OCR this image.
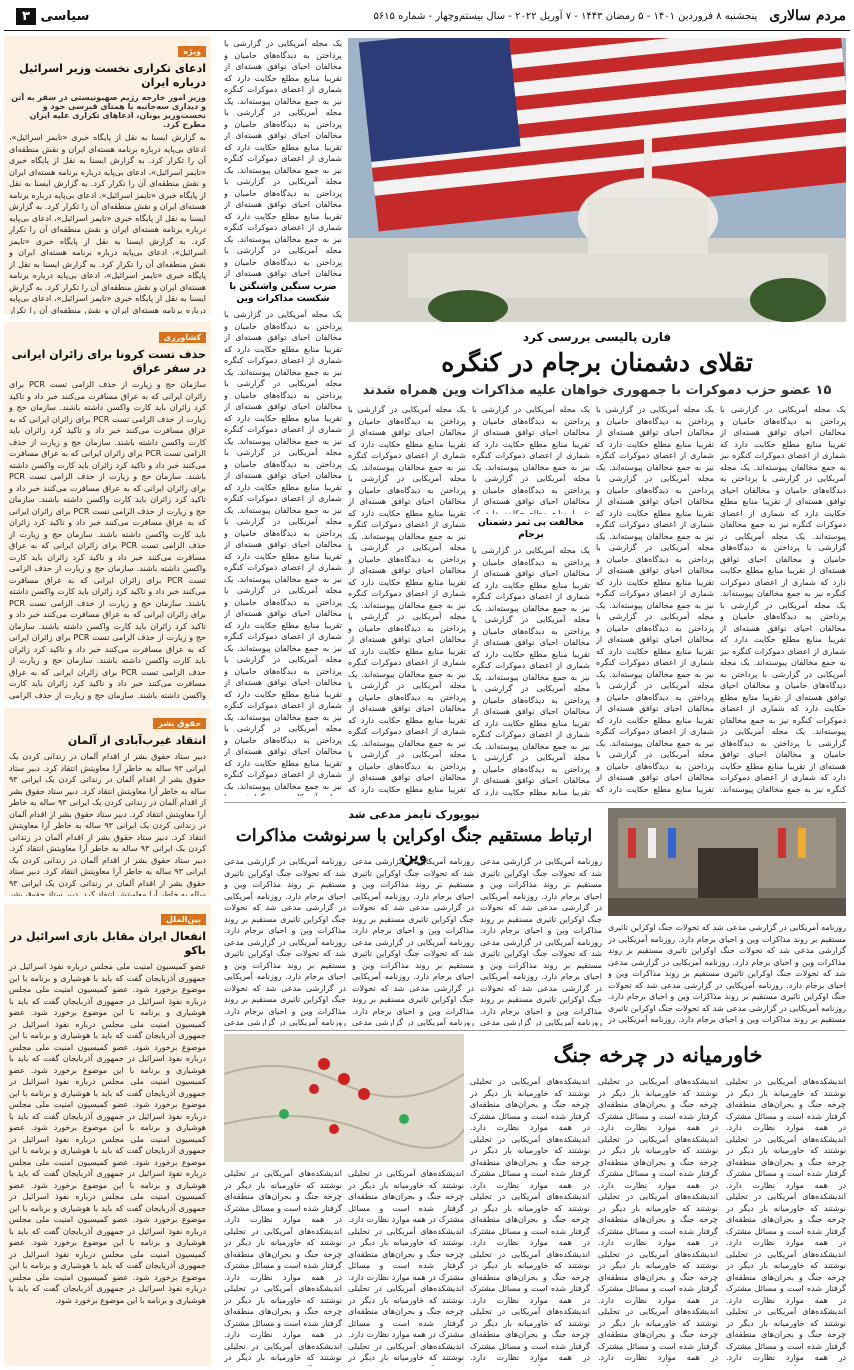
مردم سالاری
پنجشنبه ۸ فروردین ۱۴۰۱ - ۵ رمضان ۱۴۴۳ - ۷ آوریل ۲۰۲۲ - سال بیستم‌وچهار - شماره ۵۶۱۵
سیاسی ۳
ویژه
ادعای تکراری نخست وزیر اسرائیل درباره ایران
وزیر امور خارجه رژیم صهیونیستی در سفر به آتن و دیداری سه‌جانبه با همتای قبرسی خود و نخست‌وزیر یونان، ادعاهای تکراری علیه ایران مطرح کرد.
به گزارش ایسنا به نقل از پایگاه خبری «تایمز اسرائیل»، ادعای بی‌پایه درباره برنامه هسته‌ای ایران و نقش منطقه‌ای آن را تکرار کرد. به گزارش ایسنا به نقل از پایگاه خبری «تایمز اسرائیل»، ادعای بی‌پایه درباره برنامه هسته‌ای ایران و نقش منطقه‌ای آن را تکرار کرد. به گزارش ایسنا به نقل از پایگاه خبری «تایمز اسرائیل»، ادعای بی‌پایه درباره برنامه هسته‌ای ایران و نقش منطقه‌ای آن را تکرار کرد. به گزارش ایسنا به نقل از پایگاه خبری «تایمز اسرائیل»، ادعای بی‌پایه درباره برنامه هسته‌ای ایران و نقش منطقه‌ای آن را تکرار کرد. به گزارش ایسنا به نقل از پایگاه خبری «تایمز اسرائیل»، ادعای بی‌پایه درباره برنامه هسته‌ای ایران و نقش منطقه‌ای آن را تکرار کرد. به گزارش ایسنا به نقل از پایگاه خبری «تایمز اسرائیل»، ادعای بی‌پایه درباره برنامه هسته‌ای ایران و نقش منطقه‌ای آن را تکرار کرد. به گزارش ایسنا به نقل از پایگاه خبری «تایمز اسرائیل»، ادعای بی‌پایه درباره برنامه هسته‌ای ایران و نقش منطقه‌ای آن را تکرار کرد. به گزارش ایسنا به نقل از پایگاه خبری «تایمز اسرائیل»، ادعای بی‌پایه درباره برنامه هسته‌ای ایران و نقش منطقه‌ای آن را تکرار کرد. به گزارش ایسنا به نقل از پایگاه خبری «تایمز اسرائیل»، ادعای بی‌پایه درباره برنامه هسته‌ای ایران و نقش منطقه‌ای آن را تکرار کرد. به گزارش ایسنا به نقل از پایگاه خبری «تایمز اسرائیل»، ادعای بی‌پایه درباره برنامه هسته‌ای ایران و نقش منطقه‌ای آن را تکرار کرد. به گزارش ایسنا به نقل از پایگاه خبری «تایمز اسرائیل»، ادعای بی‌پایه درباره برنامه هسته‌ای ایران و نقش منطقه‌ای آن را تکرار کرد. به گزارش ایسنا به نقل از پایگاه خبری «تایمز اسرائیل»، ادعای بی‌پایه درباره برنامه هسته‌ای ایران و نقش منطقه‌ای آن را تکرار کرد.
کشاورزی
حذف تست کرونا برای زائران ایرانی در سفر عراق
سازمان حج و زیارت از حذف الزامی تست PCR برای زائران ایرانی که به عراق مسافرت می‌کنند خبر داد و تاکید کرد زائران باید کارت واکسن داشته باشند. سازمان حج و زیارت از حذف الزامی تست PCR برای زائران ایرانی که به عراق مسافرت می‌کنند خبر داد و تاکید کرد زائران باید کارت واکسن داشته باشند. سازمان حج و زیارت از حذف الزامی تست PCR برای زائران ایرانی که به عراق مسافرت می‌کنند خبر داد و تاکید کرد زائران باید کارت واکسن داشته باشند. سازمان حج و زیارت از حذف الزامی تست PCR برای زائران ایرانی که به عراق مسافرت می‌کنند خبر داد و تاکید کرد زائران باید کارت واکسن داشته باشند. سازمان حج و زیارت از حذف الزامی تست PCR برای زائران ایرانی که به عراق مسافرت می‌کنند خبر داد و تاکید کرد زائران باید کارت واکسن داشته باشند. سازمان حج و زیارت از حذف الزامی تست PCR برای زائران ایرانی که به عراق مسافرت می‌کنند خبر داد و تاکید کرد زائران باید کارت واکسن داشته باشند. سازمان حج و زیارت از حذف الزامی تست PCR برای زائران ایرانی که به عراق مسافرت می‌کنند خبر داد و تاکید کرد زائران باید کارت واکسن داشته باشند. سازمان حج و زیارت از حذف الزامی تست PCR برای زائران ایرانی که به عراق مسافرت می‌کنند خبر داد و تاکید کرد زائران باید کارت واکسن داشته باشند. سازمان حج و زیارت از حذف الزامی تست PCR برای زائران ایرانی که به عراق مسافرت می‌کنند خبر داد و تاکید کرد زائران باید کارت واکسن داشته باشند. سازمان حج و زیارت از حذف الزامی تست PCR برای زائران ایرانی که به عراق مسافرت می‌کنند خبر داد و تاکید کرد زائران باید کارت واکسن داشته باشند. سازمان حج و زیارت از حذف الزامی تست PCR برای زائران ایرانی که به عراق مسافرت می‌کنند خبر داد و تاکید کرد زائران باید کارت واکسن داشته باشند. سازمان حج و زیارت از حذف الزامی تست PCR برای زائران ایرانی که به عراق مسافرت می‌کنند خبر داد و تاکید کرد زائران باید کارت واکسن داشته باشند.
حقوق بشر
انتقاد غیرب‌آبادی از آلمان
دبیر ستاد حقوق بشر از اقدام آلمان در زندانی کردن یک ایرانی ۹۳ ساله به خاطر آرا معاویتش انتقاد کرد. دبیر ستاد حقوق بشر از اقدام آلمان در زندانی کردن یک ایرانی ۹۳ ساله به خاطر آرا معاویتش انتقاد کرد. دبیر ستاد حقوق بشر از اقدام آلمان در زندانی کردن یک ایرانی ۹۳ ساله به خاطر آرا معاویتش انتقاد کرد. دبیر ستاد حقوق بشر از اقدام آلمان در زندانی کردن یک ایرانی ۹۳ ساله به خاطر آرا معاویتش انتقاد کرد. دبیر ستاد حقوق بشر از اقدام آلمان در زندانی کردن یک ایرانی ۹۳ ساله به خاطر آرا معاویتش انتقاد کرد. دبیر ستاد حقوق بشر از اقدام آلمان در زندانی کردن یک ایرانی ۹۳ ساله به خاطر آرا معاویتش انتقاد کرد. دبیر ستاد حقوق بشر از اقدام آلمان در زندانی کردن یک ایرانی ۹۳ ساله به خاطر آرا معاویتش انتقاد کرد. دبیر ستاد حقوق بشر از اقدام آلمان در زندانی کردن یک ایرانی ۹۳ ساله به خاطر آرا معاویتش انتقاد کرد. دبیر ستاد حقوق بشر از اقدام آلمان در زندانی کردن یک ایرانی ۹۳ ساله به خاطر آرا معاویتش انتقاد کرد. دبیر ستاد حقوق بشر از اقدام آلمان در زندانی کردن یک ایرانی ۹۳ ساله به خاطر آرا معاویتش انتقاد کرد. دبیر ستاد حقوق بشر از اقدام آلمان در زندانی کردن یک ایرانی ۹۳ ساله به خاطر آرا معاویتش انتقاد کرد. دبیر ستاد حقوق بشر از اقدام آلمان در زندانی کردن یک ایرانی ۹۳ ساله به خاطر آرا معاویتش انتقاد کرد.
بین‌الملل
انفعال ایران مقابل بازی اسرائیل در باکو
عضو کمیسیون امنیت ملی مجلس درباره نفوذ اسرائیل در جمهوری آذربایجان گفت که باید با هوشیاری و برنامه با این موضوع برخورد شود. عضو کمیسیون امنیت ملی مجلس درباره نفوذ اسرائیل در جمهوری آذربایجان گفت که باید با هوشیاری و برنامه با این موضوع برخورد شود. عضو کمیسیون امنیت ملی مجلس درباره نفوذ اسرائیل در جمهوری آذربایجان گفت که باید با هوشیاری و برنامه با این موضوع برخورد شود. عضو کمیسیون امنیت ملی مجلس درباره نفوذ اسرائیل در جمهوری آذربایجان گفت که باید با هوشیاری و برنامه با این موضوع برخورد شود. عضو کمیسیون امنیت ملی مجلس درباره نفوذ اسرائیل در جمهوری آذربایجان گفت که باید با هوشیاری و برنامه با این موضوع برخورد شود. عضو کمیسیون امنیت ملی مجلس درباره نفوذ اسرائیل در جمهوری آذربایجان گفت که باید با هوشیاری و برنامه با این موضوع برخورد شود. عضو کمیسیون امنیت ملی مجلس درباره نفوذ اسرائیل در جمهوری آذربایجان گفت که باید با هوشیاری و برنامه با این موضوع برخورد شود. عضو کمیسیون امنیت ملی مجلس درباره نفوذ اسرائیل در جمهوری آذربایجان گفت که باید با هوشیاری و برنامه با این موضوع برخورد شود. عضو کمیسیون امنیت ملی مجلس درباره نفوذ اسرائیل در جمهوری آذربایجان گفت که باید با هوشیاری و برنامه با این موضوع برخورد شود. عضو کمیسیون امنیت ملی مجلس درباره نفوذ اسرائیل در جمهوری آذربایجان گفت که باید با هوشیاری و برنامه با این موضوع برخورد شود. عضو کمیسیون امنیت ملی مجلس درباره نفوذ اسرائیل در جمهوری آذربایجان گفت که باید با هوشیاری و برنامه با این موضوع برخورد شود. عضو کمیسیون امنیت ملی مجلس درباره نفوذ اسرائیل در جمهوری آذربایجان گفت که باید با هوشیاری و برنامه با این موضوع برخورد شود.
فارن پالیسی بررسی کرد
تقلای دشمنان برجام در کنگره
۱۵ عضو حزب دموکرات با جمهوری خواهان علیه مذاکرات وین همراه شدند
یک مجله آمریکایی در گزارشی با پرداختن به دیدگاه‌های حامیان و مخالفان احیای توافق هسته‌ای از تقریبا منابع مطلع حکایت دارد که شماری از اعضای دموکرات کنگره نیز به جمع مخالفان پیوسته‌اند. یک مجله آمریکایی در گزارشی با پرداختن به دیدگاه‌های حامیان و مخالفان احیای توافق هسته‌ای از تقریبا منابع مطلع حکایت دارد که شماری از اعضای دموکرات کنگره نیز به جمع مخالفان پیوسته‌اند. یک مجله آمریکایی در گزارشی با پرداختن به دیدگاه‌های حامیان و مخالفان احیای توافق هسته‌ای از تقریبا منابع مطلع حکایت دارد که شماری از اعضای دموکرات کنگره نیز به جمع مخالفان پیوسته‌اند. یک مجله آمریکایی در گزارشی با پرداختن به دیدگاه‌های حامیان و مخالفان احیای توافق هسته‌ای از تقریبا منابع مطلع حکایت دارد که شماری از اعضای دموکرات کنگره نیز به جمع مخالفان پیوسته‌اند. یک مجله آمریکایی در گزارشی با پرداختن به دیدگاه‌های حامیان و مخالفان احیای توافق هسته‌ای از تقریبا منابع مطلع حکایت دارد که شماری از اعضای دموکرات کنگره نیز به جمع مخالفان پیوسته‌اند. یک مجله آمریکایی در گزارشی با پرداختن به دیدگاه‌های حامیان و مخالفان احیای توافق هسته‌ای از تقریبا منابع مطلع حکایت دارد که شماری از اعضای دموکرات کنگره نیز به جمع مخالفان پیوسته‌اند. یک مجله آمریکایی در گزارشی با پرداختن به دیدگاه‌های حامیان و مخالفان احیای توافق هسته‌ای از تقریبا منابع مطلع حکایت دارد که شماری از اعضای دموکرات کنگره نیز به جمع مخالفان پیوسته‌اند. یک مجله آمریکایی در گزارشی با پرداختن به دیدگاه‌های حامیان و مخالفان احیای توافق هسته‌ای از تقریبا منابع مطلع حکایت دارد که شماری از اعضای دموکرات کنگره نیز به جمع مخالفان پیوسته‌اند. یک مجله آمریکایی در گزارشی با پرداختن به دیدگاه‌های حامیان و مخالفان احیای توافق هسته‌ای از تقریبا منابع مطلع حکایت دارد که شماری از اعضای دموکرات کنگره نیز به جمع مخالفان پیوسته‌اند. یک مجله آمریکایی در گزارشی با پرداختن به دیدگاه‌های حامیان و مخالفان احیای توافق هسته‌ای از تقریبا منابع مطلع حکایت دارد که شماری از اعضای دموکرات کنگره نیز به جمع مخالفان پیوسته‌اند. یک مجله آمریکایی در گزارشی با پرداختن به دیدگاه‌های حامیان و مخالفان احیای توافق هسته‌ای از تقریبا منابع مطلع حکایت دارد که شماری از اعضای دموکرات کنگره نیز به جمع مخالفان پیوسته‌اند. یک مجله آمریکایی در گزارشی با پرداختن به دیدگاه‌های حامیان و مخالفان احیای توافق هسته‌ای از تقریبا منابع مطلع حکایت دارد که شماری از اعضای دموکرات کنگره نیز به جمع مخالفان پیوسته‌اند.
یک مجله آمریکایی در گزارشی با پرداختن به دیدگاه‌های حامیان و مخالفان احیای توافق هسته‌ای از تقریبا منابع مطلع حکایت دارد که شماری از اعضای دموکرات کنگره نیز به جمع مخالفان پیوسته‌اند. یک مجله آمریکایی در گزارشی با پرداختن به دیدگاه‌های حامیان و مخالفان احیای توافق هسته‌ای از تقریبا منابع مطلع حکایت دارد که شماری از اعضای دموکرات کنگره نیز به جمع مخالفان پیوسته‌اند. یک مجله آمریکایی در گزارشی با پرداختن به دیدگاه‌های حامیان و مخالفان احیای توافق هسته‌ای از تقریبا منابع مطلع حکایت دارد که شماری از اعضای دموکرات کنگره نیز به جمع مخالفان پیوسته‌اند. یک مجله آمریکایی در گزارشی با پرداختن به دیدگاه‌های حامیان و مخالفان احیای توافق هسته‌ای از تقریبا منابع مطلع حکایت دارد که شماری از اعضای دموکرات کنگره نیز به جمع مخالفان پیوسته‌اند. یک مجله آمریکایی در گزارشی با پرداختن به دیدگاه‌های حامیان و مخالفان احیای توافق هسته‌ای از تقریبا منابع مطلع حکایت دارد که شماری از اعضای دموکرات کنگره نیز به جمع مخالفان پیوسته‌اند. یک مجله آمریکایی در گزارشی با پرداختن به دیدگاه‌های حامیان و مخالفان احیای توافق هسته‌ای از تقریبا منابع مطلع حکایت دارد که شماری از اعضای دموکرات کنگره نیز به جمع مخالفان پیوسته‌اند. یک مجله آمریکایی در گزارشی با پرداختن به دیدگاه‌های حامیان و مخالفان احیای توافق هسته‌ای از تقریبا منابع مطلع حکایت دارد که شماری از اعضای دموکرات کنگره نیز به جمع مخالفان پیوسته‌اند. یک مجله آمریکایی در گزارشی با پرداختن به دیدگاه‌های حامیان و مخالفان احیای توافق هسته‌ای از تقریبا منابع مطلع حکایت دارد که شماری از اعضای دموکرات کنگره نیز به جمع مخالفان پیوسته‌اند. یک مجله آمریکایی در گزارشی با پرداختن به دیدگاه‌های حامیان و مخالفان احیای توافق هسته‌ای از تقریبا منابع مطلع حکایت دارد که شماری از اعضای دموکرات کنگره نیز به جمع مخالفان پیوسته‌اند. یک مجله آمریکایی در گزارشی با پرداختن به دیدگاه‌های حامیان و مخالفان احیای توافق هسته‌ای از تقریبا منابع مطلع حکایت دارد که شماری از اعضای دموکرات کنگره نیز به جمع مخالفان پیوسته‌اند. یک مجله آمریکایی در گزارشی با پرداختن به دیدگاه‌های حامیان و مخالفان احیای توافق هسته‌ای از تقریبا منابع مطلع حکایت دارد که شماری از اعضای دموکرات کنگره نیز به جمع مخالفان پیوسته‌اند. یک مجله آمریکایی در گزارشی با پرداختن به دیدگاه‌های حامیان و مخالفان احیای توافق هسته‌ای از تقریبا منابع مطلع حکایت دارد که شماری از اعضای دموکرات کنگره نیز به جمع مخالفان پیوسته‌اند.
یک مجله آمریکایی در گزارشی با پرداختن به دیدگاه‌های حامیان و مخالفان احیای توافق هسته‌ای از تقریبا منابع مطلع حکایت دارد که شماری از اعضای دموکرات کنگره نیز به جمع مخالفان پیوسته‌اند. یک مجله آمریکایی در گزارشی با پرداختن به دیدگاه‌های حامیان و مخالفان احیای توافق هسته‌ای از تقریبا منابع مطلع حکایت دارد که شماری از اعضای دموکرات کنگره نیز به جمع مخالفان پیوسته‌اند. یک مجله آمریکایی در گزارشی با پرداختن به دیدگاه‌های حامیان و مخالفان احیای توافق هسته‌ای از تقریبا منابع مطلع حکایت دارد که شماری از اعضای دموکرات کنگره نیز به جمع مخالفان پیوسته‌اند. یک مجله آمریکایی در گزارشی با پرداختن به دیدگاه‌های حامیان و مخالفان احیای توافق هسته‌ای از تقریبا منابع مطلع حکایت دارد که شماری از اعضای دموکرات کنگره نیز به جمع مخالفان پیوسته‌اند. یک مجله آمریکایی در گزارشی با پرداختن به دیدگاه‌های حامیان و مخالفان احیای توافق هسته‌ای از تقریبا منابع مطلع حکایت دارد که شماری از اعضای دموکرات کنگره نیز به جمع مخالفان پیوسته‌اند. یک مجله آمریکایی در گزارشی با پرداختن به دیدگاه‌های حامیان و مخالفان احیای توافق هسته‌ای از تقریبا منابع مطلع حکایت دارد که شماری از اعضای دموکرات کنگره نیز به جمع مخالفان پیوسته‌اند. یک مجله آمریکایی در گزارشی با پرداختن به دیدگاه‌های حامیان و مخالفان احیای توافق هسته‌ای از تقریبا منابع مطلع حکایت دارد که شماری از اعضای دموکرات کنگره نیز به جمع مخالفان پیوسته‌اند. یک مجله آمریکایی در گزارشی با پرداختن به دیدگاه‌های حامیان و مخالفان احیای توافق هسته‌ای از تقریبا منابع مطلع حکایت دارد که شماری از اعضای دموکرات کنگره نیز به جمع مخالفان پیوسته‌اند. یک مجله آمریکایی در گزارشی با پرداختن به دیدگاه‌های حامیان و مخالفان احیای توافق هسته‌ای از تقریبا منابع مطلع حکایت دارد که شماری از اعضای دموکرات کنگره نیز به جمع مخالفان پیوسته‌اند. یک مجله آمریکایی در گزارشی با پرداختن به دیدگاه‌های حامیان و مخالفان احیای توافق هسته‌ای از تقریبا منابع مطلع حکایت دارد که شماری از اعضای دموکرات کنگره نیز به جمع مخالفان پیوسته‌اند. یک مجله آمریکایی در گزارشی با پرداختن به دیدگاه‌های حامیان و مخالفان احیای توافق هسته‌ای از تقریبا منابع مطلع حکایت دارد که شماری از اعضای دموکرات کنگره نیز به جمع مخالفان پیوسته‌اند. یک مجله آمریکایی در گزارشی با پرداختن به دیدگاه‌های حامیان و مخالفان احیای توافق هسته‌ای از تقریبا منابع مطلع حکایت دارد که شماری از اعضای دموکرات کنگره نیز به جمع مخالفان پیوسته‌اند.
مخالفت بی ثمر دشمنان برجام
یک مجله آمریکایی در گزارشی با پرداختن به دیدگاه‌های حامیان و مخالفان احیای توافق هسته‌ای از تقریبا منابع مطلع حکایت دارد که شماری از اعضای دموکرات کنگره نیز به جمع مخالفان پیوسته‌اند. یک مجله آمریکایی در گزارشی با پرداختن به دیدگاه‌های حامیان و مخالفان احیای توافق هسته‌ای از تقریبا منابع مطلع حکایت دارد که شماری از اعضای دموکرات کنگره نیز به جمع مخالفان پیوسته‌اند. یک مجله آمریکایی در گزارشی با پرداختن به دیدگاه‌های حامیان و مخالفان احیای توافق هسته‌ای از تقریبا منابع مطلع حکایت دارد که شماری از اعضای دموکرات کنگره نیز به جمع مخالفان پیوسته‌اند. یک مجله آمریکایی در گزارشی با پرداختن به دیدگاه‌های حامیان و مخالفان احیای توافق هسته‌ای از تقریبا منابع مطلع حکایت دارد که شماری از اعضای دموکرات کنگره نیز به جمع مخالفان پیوسته‌اند. یک مجله آمریکایی در گزارشی با پرداختن به دیدگاه‌های حامیان و مخالفان احیای توافق هسته‌ای از تقریبا منابع مطلع حکایت دارد که شماری از اعضای دموکرات کنگره نیز به جمع مخالفان پیوسته‌اند. یک مجله آمریکایی در گزارشی با پرداختن به دیدگاه‌های حامیان و مخالفان احیای توافق هسته‌ای از تقریبا منابع مطلع حکایت دارد که شماری از اعضای دموکرات کنگره نیز به جمع مخالفان پیوسته‌اند. یک مجله آمریکایی در گزارشی با پرداختن به دیدگاه‌های حامیان و مخالفان احیای توافق هسته‌ای از تقریبا منابع مطلع حکایت دارد که شماری از اعضای دموکرات کنگره نیز به جمع مخالفان پیوسته‌اند. یک مجله آمریکایی در گزارشی با پرداختن به دیدگاه‌های حامیان و مخالفان احیای توافق هسته‌ای از تقریبا منابع مطلع حکایت دارد که شماری از اعضای دموکرات کنگره نیز به جمع مخالفان پیوسته‌اند. یک مجله آمریکایی در گزارشی با پرداختن به دیدگاه‌های حامیان و مخالفان احیای توافق هسته‌ای از تقریبا منابع مطلع حکایت دارد که شماری از اعضای دموکرات کنگره نیز به جمع مخالفان پیوسته‌اند. یک مجله آمریکایی در گزارشی با پرداختن به دیدگاه‌های حامیان و مخالفان احیای توافق هسته‌ای از تقریبا منابع مطلع حکایت دارد که شماری از اعضای دموکرات کنگره نیز به جمع مخالفان پیوسته‌اند. یک مجله آمریکایی در گزارشی با پرداختن به دیدگاه‌های حامیان و مخالفان احیای توافق هسته‌ای از تقریبا منابع مطلع حکایت دارد که شماری از اعضای دموکرات کنگره نیز به جمع مخالفان پیوسته‌اند. یک مجله آمریکایی در گزارشی با پرداختن به دیدگاه‌های حامیان و مخالفان احیای توافق هسته‌ای از تقریبا منابع مطلع حکایت دارد که شماری از اعضای دموکرات کنگره نیز به جمع مخالفان پیوسته‌اند.
یک مجله آمریکایی در گزارشی با پرداختن به دیدگاه‌های حامیان و مخالفان احیای توافق هسته‌ای از تقریبا منابع مطلع حکایت دارد که شماری از اعضای دموکرات کنگره نیز به جمع مخالفان پیوسته‌اند. یک مجله آمریکایی در گزارشی با پرداختن به دیدگاه‌های حامیان و مخالفان احیای توافق هسته‌ای از تقریبا منابع مطلع حکایت دارد که شماری از اعضای دموکرات کنگره نیز به جمع مخالفان پیوسته‌اند. یک مجله آمریکایی در گزارشی با پرداختن به دیدگاه‌های حامیان و مخالفان احیای توافق هسته‌ای از تقریبا منابع مطلع حکایت دارد که شماری از اعضای دموکرات کنگره نیز به جمع مخالفان پیوسته‌اند. یک مجله آمریکایی در گزارشی با پرداختن به دیدگاه‌های حامیان و مخالفان احیای توافق هسته‌ای از تقریبا منابع مطلع حکایت دارد که شماری از اعضای دموکرات کنگره نیز به جمع مخالفان پیوسته‌اند. یک مجله آمریکایی در گزارشی با پرداختن به دیدگاه‌های حامیان و مخالفان احیای توافق هسته‌ای از تقریبا منابع مطلع حکایت دارد که شماری از اعضای دموکرات کنگره نیز به جمع مخالفان پیوسته‌اند. یک مجله آمریکایی در گزارشی با پرداختن به دیدگاه‌های حامیان و مخالفان احیای توافق هسته‌ای از تقریبا منابع مطلع حکایت دارد که شماری از اعضای دموکرات کنگره نیز به جمع مخالفان پیوسته‌اند. یک مجله آمریکایی در گزارشی با پرداختن به دیدگاه‌های حامیان و مخالفان احیای توافق هسته‌ای از تقریبا منابع مطلع حکایت دارد که شماری از اعضای دموکرات کنگره نیز به جمع مخالفان پیوسته‌اند. یک مجله آمریکایی در گزارشی با پرداختن به دیدگاه‌های حامیان و مخالفان احیای توافق هسته‌ای از تقریبا منابع مطلع حکایت دارد که شماری از اعضای دموکرات کنگره نیز به جمع مخالفان پیوسته‌اند. یک مجله آمریکایی در گزارشی با پرداختن به دیدگاه‌های حامیان و مخالفان احیای توافق هسته‌ای از تقریبا منابع مطلع حکایت دارد که شماری از اعضای دموکرات کنگره نیز به جمع مخالفان پیوسته‌اند. یک مجله آمریکایی در گزارشی با پرداختن به دیدگاه‌های حامیان و مخالفان احیای توافق هسته‌ای از تقریبا منابع مطلع حکایت دارد که شماری از اعضای دموکرات کنگره نیز به جمع مخالفان پیوسته‌اند. یک مجله آمریکایی در گزارشی با پرداختن به دیدگاه‌های حامیان و مخالفان احیای توافق هسته‌ای از تقریبا منابع مطلع حکایت دارد که شماری از اعضای دموکرات کنگره نیز به جمع مخالفان پیوسته‌اند. یک مجله آمریکایی در گزارشی با پرداختن به دیدگاه‌های حامیان و مخالفان احیای توافق هسته‌ای از تقریبا منابع مطلع حکایت دارد که شماری از اعضای دموکرات کنگره نیز به جمع مخالفان پیوسته‌اند.
یک مجله آمریکایی در گزارشی با پرداختن به دیدگاه‌های حامیان و مخالفان احیای توافق هسته‌ای از تقریبا منابع مطلع حکایت دارد که شماری از اعضای دموکرات کنگره نیز به جمع مخالفان پیوسته‌اند. یک مجله آمریکایی در گزارشی با پرداختن به دیدگاه‌های حامیان و مخالفان احیای توافق هسته‌ای از تقریبا منابع مطلع حکایت دارد که شماری از اعضای دموکرات کنگره نیز به جمع مخالفان پیوسته‌اند. یک مجله آمریکایی در گزارشی با پرداختن به دیدگاه‌های حامیان و مخالفان احیای توافق هسته‌ای از تقریبا منابع مطلع حکایت دارد که شماری از اعضای دموکرات کنگره نیز به جمع مخالفان پیوسته‌اند. یک مجله آمریکایی در گزارشی با پرداختن به دیدگاه‌های حامیان و مخالفان احیای توافق هسته‌ای از تقریبا منابع مطلع حکایت دارد که شماری از اعضای دموکرات کنگره نیز به جمع مخالفان پیوسته‌اند. یک مجله آمریکایی در گزارشی با پرداختن به دیدگاه‌های حامیان و مخالفان احیای توافق هسته‌ای از تقریبا منابع مطلع حکایت دارد که شماری از اعضای دموکرات کنگره نیز به جمع مخالفان پیوسته‌اند. یک مجله آمریکایی در گزارشی با پرداختن به دیدگاه‌های حامیان و مخالفان احیای توافق هسته‌ای از تقریبا منابع مطلع حکایت دارد که شماری از اعضای دموکرات کنگره نیز به جمع مخالفان پیوسته‌اند. یک مجله آمریکایی در گزارشی با پرداختن به دیدگاه‌های حامیان و مخالفان احیای توافق هسته‌ای از تقریبا منابع مطلع حکایت دارد که شماری از اعضای دموکرات کنگره نیز به جمع مخالفان پیوسته‌اند. یک مجله آمریکایی در گزارشی با پرداختن به دیدگاه‌های حامیان و مخالفان احیای توافق هسته‌ای از تقریبا منابع مطلع حکایت دارد که شماری از اعضای دموکرات کنگره نیز به جمع مخالفان پیوسته‌اند. یک مجله آمریکایی در گزارشی با پرداختن به دیدگاه‌های حامیان و مخالفان احیای توافق هسته‌ای از تقریبا منابع مطلع حکایت دارد که شماری از اعضای دموکرات کنگره نیز به جمع مخالفان پیوسته‌اند. یک مجله آمریکایی در گزارشی با پرداختن به دیدگاه‌های حامیان و مخالفان احیای توافق هسته‌ای از تقریبا منابع مطلع حکایت دارد که شماری از اعضای دموکرات کنگره نیز به جمع مخالفان پیوسته‌اند. یک مجله آمریکایی در گزارشی با پرداختن به دیدگاه‌های حامیان و مخالفان احیای توافق هسته‌ای از تقریبا منابع مطلع حکایت دارد که شماری از اعضای دموکرات کنگره نیز به جمع مخالفان پیوسته‌اند. یک مجله آمریکایی در گزارشی با پرداختن به دیدگاه‌های حامیان و مخالفان احیای توافق هسته‌ای از تقریبا منابع مطلع حکایت دارد که شماری از اعضای دموکرات کنگره نیز به جمع مخالفان پیوسته‌اند.
ضرب سنگین واشنگتن با شکست مذاکرات وین
یک مجله آمریکایی در گزارشی با پرداختن به دیدگاه‌های حامیان و مخالفان احیای توافق هسته‌ای از تقریبا منابع مطلع حکایت دارد که شماری از اعضای دموکرات کنگره نیز به جمع مخالفان پیوسته‌اند. یک مجله آمریکایی در گزارشی با پرداختن به دیدگاه‌های حامیان و مخالفان احیای توافق هسته‌ای از تقریبا منابع مطلع حکایت دارد که شماری از اعضای دموکرات کنگره نیز به جمع مخالفان پیوسته‌اند. یک مجله آمریکایی در گزارشی با پرداختن به دیدگاه‌های حامیان و مخالفان احیای توافق هسته‌ای از تقریبا منابع مطلع حکایت دارد که شماری از اعضای دموکرات کنگره نیز به جمع مخالفان پیوسته‌اند. یک مجله آمریکایی در گزارشی با پرداختن به دیدگاه‌های حامیان و مخالفان احیای توافق هسته‌ای از تقریبا منابع مطلع حکایت دارد که شماری از اعضای دموکرات کنگره نیز به جمع مخالفان پیوسته‌اند. یک مجله آمریکایی در گزارشی با پرداختن به دیدگاه‌های حامیان و مخالفان احیای توافق هسته‌ای از تقریبا منابع مطلع حکایت دارد که شماری از اعضای دموکرات کنگره نیز به جمع مخالفان پیوسته‌اند. یک مجله آمریکایی در گزارشی با پرداختن به دیدگاه‌های حامیان و مخالفان احیای توافق هسته‌ای از تقریبا منابع مطلع حکایت دارد که شماری از اعضای دموکرات کنگره نیز به جمع مخالفان پیوسته‌اند. یک مجله آمریکایی در گزارشی با پرداختن به دیدگاه‌های حامیان و مخالفان احیای توافق هسته‌ای از تقریبا منابع مطلع حکایت دارد که شماری از اعضای دموکرات کنگره نیز به جمع مخالفان پیوسته‌اند. یک مجله آمریکایی در گزارشی با پرداختن به دیدگاه‌های حامیان و مخالفان احیای توافق هسته‌ای از تقریبا منابع مطلع حکایت دارد که شماری از اعضای دموکرات کنگره نیز به جمع مخالفان پیوسته‌اند. یک مجله آمریکایی در گزارشی با پرداختن به دیدگاه‌های حامیان و مخالفان احیای توافق هسته‌ای از تقریبا منابع مطلع حکایت دارد که شماری از اعضای دموکرات کنگره نیز به جمع مخالفان پیوسته‌اند. یک مجله آمریکایی در گزارشی با پرداختن به دیدگاه‌های حامیان و مخالفان احیای توافق هسته‌ای از تقریبا منابع مطلع حکایت دارد که شماری از اعضای دموکرات کنگره نیز به جمع مخالفان پیوسته‌اند. یک مجله آمریکایی در گزارشی با پرداختن به دیدگاه‌های حامیان و مخالفان احیای توافق هسته‌ای از تقریبا منابع مطلع حکایت دارد که شماری از اعضای دموکرات کنگره نیز به جمع مخالفان پیوسته‌اند. یک مجله آمریکایی در گزارشی با پرداختن به دیدگاه‌های حامیان و مخالفان احیای توافق هسته‌ای از تقریبا منابع مطلع حکایت دارد که شماری از اعضای دموکرات کنگره نیز به جمع مخالفان پیوسته‌اند.
نیویورک تایمز مدعی شد
ارتباط مستقیم جنگ اوکراین با سرنوشت مذاکرات وین
روزنامه آمریکایی در گزارشی مدعی شد که تحولات جنگ اوکراین تاثیری مستقیم بر روند مذاکرات وین و احیای برجام دارد. روزنامه آمریکایی در گزارشی مدعی شد که تحولات جنگ اوکراین تاثیری مستقیم بر روند مذاکرات وین و احیای برجام دارد. روزنامه آمریکایی در گزارشی مدعی شد که تحولات جنگ اوکراین تاثیری مستقیم بر روند مذاکرات وین و احیای برجام دارد. روزنامه آمریکایی در گزارشی مدعی شد که تحولات جنگ اوکراین تاثیری مستقیم بر روند مذاکرات وین و احیای برجام دارد. روزنامه آمریکایی در گزارشی مدعی شد که تحولات جنگ اوکراین تاثیری مستقیم بر روند مذاکرات وین و احیای برجام دارد. روزنامه آمریکایی در گزارشی مدعی شد که تحولات جنگ اوکراین تاثیری مستقیم بر روند مذاکرات وین و احیای برجام دارد. روزنامه آمریکایی در گزارشی مدعی شد که تحولات جنگ اوکراین تاثیری مستقیم بر روند مذاکرات وین و احیای برجام دارد. روزنامه آمریکایی در گزارشی مدعی شد که تحولات جنگ اوکراین تاثیری مستقیم بر روند مذاکرات وین و احیای برجام دارد. روزنامه آمریکایی در گزارشی مدعی شد که تحولات جنگ اوکراین تاثیری مستقیم بر روند مذاکرات وین و احیای برجام دارد. روزنامه آمریکایی در گزارشی مدعی شد که تحولات جنگ اوکراین تاثیری مستقیم بر روند مذاکرات وین و احیای برجام دارد. روزنامه آمریکایی در گزارشی مدعی شد که تحولات جنگ اوکراین تاثیری مستقیم بر روند مذاکرات وین و احیای برجام دارد. روزنامه آمریکایی در گزارشی مدعی شد که تحولات جنگ اوکراین تاثیری مستقیم بر روند مذاکرات وین و احیای برجام دارد.
روزنامه آمریکایی در گزارشی مدعی شد که تحولات جنگ اوکراین تاثیری مستقیم بر روند مذاکرات وین و احیای برجام دارد. روزنامه آمریکایی در گزارشی مدعی شد که تحولات جنگ اوکراین تاثیری مستقیم بر روند مذاکرات وین و احیای برجام دارد. روزنامه آمریکایی در گزارشی مدعی شد که تحولات جنگ اوکراین تاثیری مستقیم بر روند مذاکرات وین و احیای برجام دارد. روزنامه آمریکایی در گزارشی مدعی شد که تحولات جنگ اوکراین تاثیری مستقیم بر روند مذاکرات وین و احیای برجام دارد. روزنامه آمریکایی در گزارشی مدعی شد که تحولات جنگ اوکراین تاثیری مستقیم بر روند مذاکرات وین و احیای برجام دارد. روزنامه آمریکایی در گزارشی مدعی شد که تحولات جنگ اوکراین تاثیری مستقیم بر روند مذاکرات وین و احیای برجام دارد. روزنامه آمریکایی در گزارشی مدعی شد که تحولات جنگ اوکراین تاثیری مستقیم بر روند مذاکرات وین و احیای برجام دارد. روزنامه آمریکایی در گزارشی مدعی شد که تحولات جنگ اوکراین تاثیری مستقیم بر روند مذاکرات وین و احیای برجام دارد. روزنامه آمریکایی در گزارشی مدعی شد که تحولات جنگ اوکراین تاثیری مستقیم بر روند مذاکرات وین و احیای برجام دارد. روزنامه آمریکایی در گزارشی مدعی شد که تحولات جنگ اوکراین تاثیری مستقیم بر روند مذاکرات وین و احیای برجام دارد. روزنامه آمریکایی در گزارشی مدعی شد که تحولات جنگ اوکراین تاثیری مستقیم بر روند مذاکرات وین و احیای برجام دارد. روزنامه آمریکایی در گزارشی مدعی شد که تحولات جنگ اوکراین تاثیری مستقیم بر روند مذاکرات وین و احیای برجام دارد.
روزنامه آمریکایی در گزارشی مدعی شد که تحولات جنگ اوکراین تاثیری مستقیم بر روند مذاکرات وین و احیای برجام دارد. روزنامه آمریکایی در گزارشی مدعی شد که تحولات جنگ اوکراین تاثیری مستقیم بر روند مذاکرات وین و احیای برجام دارد. روزنامه آمریکایی در گزارشی مدعی شد که تحولات جنگ اوکراین تاثیری مستقیم بر روند مذاکرات وین و احیای برجام دارد. روزنامه آمریکایی در گزارشی مدعی شد که تحولات جنگ اوکراین تاثیری مستقیم بر روند مذاکرات وین و احیای برجام دارد. روزنامه آمریکایی در گزارشی مدعی شد که تحولات جنگ اوکراین تاثیری مستقیم بر روند مذاکرات وین و احیای برجام دارد. روزنامه آمریکایی در گزارشی مدعی شد که تحولات جنگ اوکراین تاثیری مستقیم بر روند مذاکرات وین و احیای برجام دارد. روزنامه آمریکایی در گزارشی مدعی شد که تحولات جنگ اوکراین تاثیری مستقیم بر روند مذاکرات وین و احیای برجام دارد. روزنامه آمریکایی در گزارشی مدعی شد که تحولات جنگ اوکراین تاثیری مستقیم بر روند مذاکرات وین و احیای برجام دارد. روزنامه آمریکایی در گزارشی مدعی شد که تحولات جنگ اوکراین تاثیری مستقیم بر روند مذاکرات وین و احیای برجام دارد. روزنامه آمریکایی در گزارشی مدعی شد که تحولات جنگ اوکراین تاثیری مستقیم بر روند مذاکرات وین و احیای برجام دارد. روزنامه آمریکایی در گزارشی مدعی شد که تحولات جنگ اوکراین تاثیری مستقیم بر روند مذاکرات وین و احیای برجام دارد. روزنامه آمریکایی در گزارشی مدعی شد که تحولات جنگ اوکراین تاثیری مستقیم بر روند مذاکرات وین و احیای برجام دارد.
روزنامه آمریکایی در گزارشی مدعی شد که تحولات جنگ اوکراین تاثیری مستقیم بر روند مذاکرات وین و احیای برجام دارد. روزنامه آمریکایی در گزارشی مدعی شد که تحولات جنگ اوکراین تاثیری مستقیم بر روند مذاکرات وین و احیای برجام دارد. روزنامه آمریکایی در گزارشی مدعی شد که تحولات جنگ اوکراین تاثیری مستقیم بر روند مذاکرات وین و احیای برجام دارد. روزنامه آمریکایی در گزارشی مدعی شد که تحولات جنگ اوکراین تاثیری مستقیم بر روند مذاکرات وین و احیای برجام دارد. روزنامه آمریکایی در گزارشی مدعی شد که تحولات جنگ اوکراین تاثیری مستقیم بر روند مذاکرات وین و احیای برجام دارد. روزنامه آمریکایی در گزارشی مدعی شد که تحولات جنگ اوکراین تاثیری مستقیم بر روند مذاکرات وین و احیای برجام دارد. روزنامه آمریکایی در گزارشی مدعی شد که تحولات جنگ اوکراین تاثیری مستقیم بر روند مذاکرات وین و احیای برجام دارد. روزنامه آمریکایی در گزارشی مدعی شد که تحولات جنگ اوکراین تاثیری مستقیم بر روند مذاکرات وین و احیای برجام دارد. روزنامه آمریکایی در گزارشی مدعی شد که تحولات جنگ اوکراین تاثیری مستقیم بر روند مذاکرات وین و احیای برجام دارد. روزنامه آمریکایی در گزارشی مدعی شد که تحولات جنگ اوکراین تاثیری مستقیم بر روند مذاکرات وین و احیای برجام دارد. روزنامه آمریکایی در گزارشی مدعی شد که تحولات جنگ اوکراین تاثیری مستقیم بر روند مذاکرات وین و احیای برجام دارد. روزنامه آمریکایی در گزارشی مدعی شد که تحولات جنگ اوکراین تاثیری مستقیم بر روند مذاکرات وین و احیای برجام دارد.
خاورمیانه در چرخه جنگ
اندیشکده‌های آمریکایی در تحلیلی نوشتند که خاورمیانه بار دیگر در چرخه جنگ و بحران‌های منطقه‌ای گرفتار شده است و مسائل مشترک در همه موارد نظارت دارد. اندیشکده‌های آمریکایی در تحلیلی نوشتند که خاورمیانه بار دیگر در چرخه جنگ و بحران‌های منطقه‌ای گرفتار شده است و مسائل مشترک در همه موارد نظارت دارد. اندیشکده‌های آمریکایی در تحلیلی نوشتند که خاورمیانه بار دیگر در چرخه جنگ و بحران‌های منطقه‌ای گرفتار شده است و مسائل مشترک در همه موارد نظارت دارد. اندیشکده‌های آمریکایی در تحلیلی نوشتند که خاورمیانه بار دیگر در چرخه جنگ و بحران‌های منطقه‌ای گرفتار شده است و مسائل مشترک در همه موارد نظارت دارد. اندیشکده‌های آمریکایی در تحلیلی نوشتند که خاورمیانه بار دیگر در چرخه جنگ و بحران‌های منطقه‌ای گرفتار شده است و مسائل مشترک در همه موارد نظارت دارد. اندیشکده‌های آمریکایی در تحلیلی نوشتند که خاورمیانه بار دیگر در چرخه جنگ و بحران‌های منطقه‌ای گرفتار شده است و مسائل مشترک در همه موارد نظارت دارد. اندیشکده‌های آمریکایی در تحلیلی نوشتند که خاورمیانه بار دیگر در چرخه جنگ و بحران‌های منطقه‌ای گرفتار شده است و مسائل مشترک در همه موارد نظارت دارد. اندیشکده‌های آمریکایی در تحلیلی نوشتند که خاورمیانه بار دیگر در چرخه جنگ و بحران‌های منطقه‌ای گرفتار شده است و مسائل مشترک در همه موارد نظارت دارد. اندیشکده‌های آمریکایی در تحلیلی نوشتند که خاورمیانه بار دیگر در چرخه جنگ و بحران‌های منطقه‌ای گرفتار شده است و مسائل مشترک در همه موارد نظارت دارد. اندیشکده‌های آمریکایی در تحلیلی نوشتند که خاورمیانه بار دیگر در چرخه جنگ و بحران‌های منطقه‌ای گرفتار شده است و مسائل مشترک در همه موارد نظارت دارد. اندیشکده‌های آمریکایی در تحلیلی نوشتند که خاورمیانه بار دیگر در چرخه جنگ و بحران‌های منطقه‌ای گرفتار شده است و مسائل مشترک در همه موارد نظارت دارد. اندیشکده‌های آمریکایی در تحلیلی نوشتند که خاورمیانه بار دیگر در چرخه جنگ و بحران‌های منطقه‌ای گرفتار شده است و مسائل مشترک در همه موارد نظارت دارد.
اندیشکده‌های آمریکایی در تحلیلی نوشتند که خاورمیانه بار دیگر در چرخه جنگ و بحران‌های منطقه‌ای گرفتار شده است و مسائل مشترک در همه موارد نظارت دارد. اندیشکده‌های آمریکایی در تحلیلی نوشتند که خاورمیانه بار دیگر در چرخه جنگ و بحران‌های منطقه‌ای گرفتار شده است و مسائل مشترک در همه موارد نظارت دارد. اندیشکده‌های آمریکایی در تحلیلی نوشتند که خاورمیانه بار دیگر در چرخه جنگ و بحران‌های منطقه‌ای گرفتار شده است و مسائل مشترک در همه موارد نظارت دارد. اندیشکده‌های آمریکایی در تحلیلی نوشتند که خاورمیانه بار دیگر در چرخه جنگ و بحران‌های منطقه‌ای گرفتار شده است و مسائل مشترک در همه موارد نظارت دارد. اندیشکده‌های آمریکایی در تحلیلی نوشتند که خاورمیانه بار دیگر در چرخه جنگ و بحران‌های منطقه‌ای گرفتار شده است و مسائل مشترک در همه موارد نظارت دارد. اندیشکده‌های آمریکایی در تحلیلی نوشتند که خاورمیانه بار دیگر در چرخه جنگ و بحران‌های منطقه‌ای گرفتار شده است و مسائل مشترک در همه موارد نظارت دارد. اندیشکده‌های آمریکایی در تحلیلی نوشتند که خاورمیانه بار دیگر در چرخه جنگ و بحران‌های منطقه‌ای گرفتار شده است و مسائل مشترک در همه موارد نظارت دارد. اندیشکده‌های آمریکایی در تحلیلی نوشتند که خاورمیانه بار دیگر در چرخه جنگ و بحران‌های منطقه‌ای گرفتار شده است و مسائل مشترک در همه موارد نظارت دارد. اندیشکده‌های آمریکایی در تحلیلی نوشتند که خاورمیانه بار دیگر در چرخه جنگ و بحران‌های منطقه‌ای گرفتار شده است و مسائل مشترک در همه موارد نظارت دارد. اندیشکده‌های آمریکایی در تحلیلی نوشتند که خاورمیانه بار دیگر در چرخه جنگ و بحران‌های منطقه‌ای گرفتار شده است و مسائل مشترک در همه موارد نظارت دارد. اندیشکده‌های آمریکایی در تحلیلی نوشتند که خاورمیانه بار دیگر در چرخه جنگ و بحران‌های منطقه‌ای گرفتار شده است و مسائل مشترک در همه موارد نظارت دارد. اندیشکده‌های آمریکایی در تحلیلی نوشتند که خاورمیانه بار دیگر در چرخه جنگ و بحران‌های منطقه‌ای گرفتار شده است و مسائل مشترک در همه موارد نظارت دارد.
اندیشکده‌های آمریکایی در تحلیلی نوشتند که خاورمیانه بار دیگر در چرخه جنگ و بحران‌های منطقه‌ای گرفتار شده است و مسائل مشترک در همه موارد نظارت دارد. اندیشکده‌های آمریکایی در تحلیلی نوشتند که خاورمیانه بار دیگر در چرخه جنگ و بحران‌های منطقه‌ای گرفتار شده است و مسائل مشترک در همه موارد نظارت دارد. اندیشکده‌های آمریکایی در تحلیلی نوشتند که خاورمیانه بار دیگر در چرخه جنگ و بحران‌های منطقه‌ای گرفتار شده است و مسائل مشترک در همه موارد نظارت دارد. اندیشکده‌های آمریکایی در تحلیلی نوشتند که خاورمیانه بار دیگر در چرخه جنگ و بحران‌های منطقه‌ای گرفتار شده است و مسائل مشترک در همه موارد نظارت دارد. اندیشکده‌های آمریکایی در تحلیلی نوشتند که خاورمیانه بار دیگر در چرخه جنگ و بحران‌های منطقه‌ای گرفتار شده است و مسائل مشترک در همه موارد نظارت دارد. اندیشکده‌های آمریکایی در تحلیلی نوشتند که خاورمیانه بار دیگر در چرخه جنگ و بحران‌های منطقه‌ای گرفتار شده است و مسائل مشترک در همه موارد نظارت دارد. اندیشکده‌های آمریکایی در تحلیلی نوشتند که خاورمیانه بار دیگر در چرخه جنگ و بحران‌های منطقه‌ای گرفتار شده است و مسائل مشترک در همه موارد نظارت دارد. اندیشکده‌های آمریکایی در تحلیلی نوشتند که خاورمیانه بار دیگر در چرخه جنگ و بحران‌های منطقه‌ای گرفتار شده است و مسائل مشترک در همه موارد نظارت دارد. اندیشکده‌های آمریکایی در تحلیلی نوشتند که خاورمیانه بار دیگر در چرخه جنگ و بحران‌های منطقه‌ای گرفتار شده است و مسائل مشترک در همه موارد نظارت دارد. اندیشکده‌های آمریکایی در تحلیلی نوشتند که خاورمیانه بار دیگر در چرخه جنگ و بحران‌های منطقه‌ای گرفتار شده است و مسائل مشترک در همه موارد نظارت دارد. اندیشکده‌های آمریکایی در تحلیلی نوشتند که خاورمیانه بار دیگر در چرخه جنگ و بحران‌های منطقه‌ای گرفتار شده است و مسائل مشترک در همه موارد نظارت دارد. اندیشکده‌های آمریکایی در تحلیلی نوشتند که خاورمیانه بار دیگر در چرخه جنگ و بحران‌های منطقه‌ای گرفتار شده است و مسائل مشترک در همه موارد نظارت دارد.
اندیشکده‌های آمریکایی در تحلیلی نوشتند که خاورمیانه بار دیگر در چرخه جنگ و بحران‌های منطقه‌ای گرفتار شده است و مسائل مشترک در همه موارد نظارت دارد. اندیشکده‌های آمریکایی در تحلیلی نوشتند که خاورمیانه بار دیگر در چرخه جنگ و بحران‌های منطقه‌ای گرفتار شده است و مسائل مشترک در همه موارد نظارت دارد. اندیشکده‌های آمریکایی در تحلیلی نوشتند که خاورمیانه بار دیگر در چرخه جنگ و بحران‌های منطقه‌ای گرفتار شده است و مسائل مشترک در همه موارد نظارت دارد. اندیشکده‌های آمریکایی در تحلیلی نوشتند که خاورمیانه بار دیگر در چرخه جنگ و بحران‌های منطقه‌ای گرفتار شده است و مسائل مشترک در همه موارد نظارت دارد. اندیشکده‌های آمریکایی در تحلیلی نوشتند که خاورمیانه بار دیگر در چرخه جنگ و بحران‌های منطقه‌ای گرفتار شده است و مسائل مشترک در همه موارد نظارت دارد. اندیشکده‌های آمریکایی در تحلیلی نوشتند که خاورمیانه بار دیگر در چرخه جنگ و بحران‌های منطقه‌ای گرفتار شده است و مسائل مشترک در همه موارد نظارت دارد. اندیشکده‌های آمریکایی در تحلیلی نوشتند که خاورمیانه بار دیگر در چرخه جنگ و بحران‌های منطقه‌ای گرفتار شده است و مسائل مشترک در همه موارد نظارت دارد. اندیشکده‌های آمریکایی در تحلیلی نوشتند که خاورمیانه بار دیگر در چرخه جنگ و بحران‌های منطقه‌ای گرفتار شده است و مسائل مشترک در همه موارد نظارت دارد. اندیشکده‌های آمریکایی در تحلیلی نوشتند که خاورمیانه بار دیگر در چرخه جنگ و بحران‌های منطقه‌ای گرفتار شده است و مسائل مشترک در همه موارد نظارت دارد. اندیشکده‌های آمریکایی در تحلیلی نوشتند که خاورمیانه بار دیگر در چرخه جنگ و بحران‌های منطقه‌ای گرفتار شده است و مسائل مشترک در همه موارد نظارت دارد. اندیشکده‌های آمریکایی در تحلیلی نوشتند که خاورمیانه بار دیگر در چرخه جنگ و بحران‌های منطقه‌ای گرفتار شده است و مسائل مشترک در همه موارد نظارت دارد. اندیشکده‌های آمریکایی در تحلیلی نوشتند که خاورمیانه بار دیگر در چرخه جنگ و بحران‌های منطقه‌ای گرفتار شده است و مسائل مشترک در همه موارد نظارت دارد.
اندیشکده‌های آمریکایی در تحلیلی نوشتند که خاورمیانه بار دیگر در چرخه جنگ و بحران‌های منطقه‌ای گرفتار شده است و مسائل مشترک در همه موارد نظارت دارد. اندیشکده‌های آمریکایی در تحلیلی نوشتند که خاورمیانه بار دیگر در چرخه جنگ و بحران‌های منطقه‌ای گرفتار شده است و مسائل مشترک در همه موارد نظارت دارد. اندیشکده‌های آمریکایی در تحلیلی نوشتند که خاورمیانه بار دیگر در چرخه جنگ و بحران‌های منطقه‌ای گرفتار شده است و مسائل مشترک در همه موارد نظارت دارد. اندیشکده‌های آمریکایی در تحلیلی نوشتند که خاورمیانه بار دیگر در چرخه جنگ و بحران‌های منطقه‌ای گرفتار شده است و مسائل مشترک در همه موارد نظارت دارد. اندیشکده‌های آمریکایی در تحلیلی نوشتند که خاورمیانه بار دیگر در چرخه جنگ و بحران‌های منطقه‌ای گرفتار شده است و مسائل مشترک در همه موارد نظارت دارد. اندیشکده‌های آمریکایی در تحلیلی نوشتند که خاورمیانه بار دیگر در چرخه جنگ و بحران‌های منطقه‌ای گرفتار شده است و مسائل مشترک در همه موارد نظارت دارد. اندیشکده‌های آمریکایی در تحلیلی نوشتند که خاورمیانه بار دیگر در چرخه جنگ و بحران‌های منطقه‌ای گرفتار شده است و مسائل مشترک در همه موارد نظارت دارد. اندیشکده‌های آمریکایی در تحلیلی نوشتند که خاورمیانه بار دیگر در چرخه جنگ و بحران‌های منطقه‌ای گرفتار شده است و مسائل مشترک در همه موارد نظارت دارد. اندیشکده‌های آمریکایی در تحلیلی نوشتند که خاورمیانه بار دیگر در چرخه جنگ و بحران‌های منطقه‌ای گرفتار شده است و مسائل مشترک در همه موارد نظارت دارد. اندیشکده‌های آمریکایی در تحلیلی نوشتند که خاورمیانه بار دیگر در چرخه جنگ و بحران‌های منطقه‌ای گرفتار شده است و مسائل مشترک در همه موارد نظارت دارد. اندیشکده‌های آمریکایی در تحلیلی نوشتند که خاورمیانه بار دیگر در چرخه جنگ و بحران‌های منطقه‌ای گرفتار شده است و مسائل مشترک در همه موارد نظارت دارد. اندیشکده‌های آمریکایی در تحلیلی نوشتند که خاورمیانه بار دیگر در چرخه جنگ و بحران‌های منطقه‌ای گرفتار شده است و مسائل مشترک در همه موارد نظارت دارد.
